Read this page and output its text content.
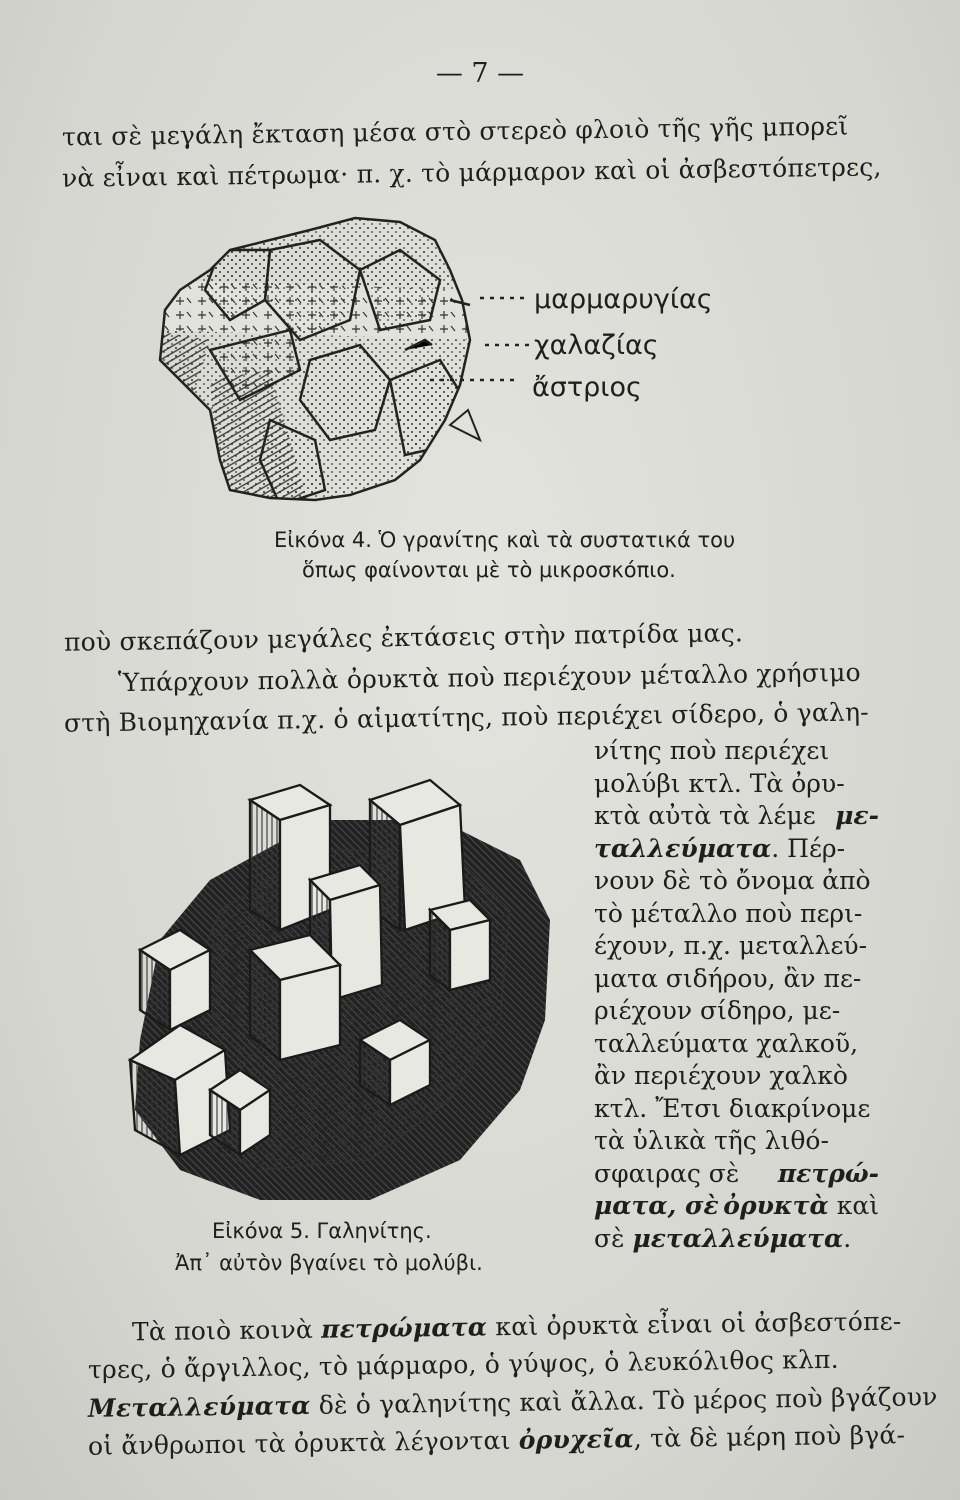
— 7 —
ται σὲ μεγάλη ἔκταση μέσα στὸ στερεὸ φλοιὸ τῆς γῆς μπορεῖ
νὰ εἶναι καὶ πέτρωμα· π. χ. τὸ μάρμαρον καὶ οἱ ἀσβεστόπετρες,
μαρμαρυγίας
χαλαζίας
ἄστριος
Εἰκόνα 4. Ὁ γρανίτης καὶ τὰ συστατικά του
ὅπως φαίνονται μὲ τὸ μικροσκόπιο.
ποὺ σκεπάζουν μεγάλες ἐκτάσεις στὴν πατρίδα μας.
Ὑπάρχουν πολλὰ ὀρυκτὰ ποὺ περιέχουν μέταλλο χρήσιμο
στὴ Βιομηχανία π.χ. ὁ αἱματίτης, ποὺ περιέχει σίδερο, ὁ γαλη-
Εἰκόνα 5. Γαληνίτης.
Ἀπ᾽ αὐτὸν βγαίνει τὸ μολύβι.
νίτης ποὺ περιέχει
μολύβι κτλ. Τὰ ὀρυ-
κτὰ αὐτὰ τὰ λέμε με-
ταλλεύματα . Πέρ-
νουν δὲ τὸ ὄνομα ἀπὸ
τὸ μέταλλο ποὺ περι-
έχουν, π.χ. μεταλλεύ-
ματα σιδήρου, ἂν πε-
ριέχουν σίδηρο, με-
ταλλεύματα χαλκοῦ,
ἂν περιέχουν χαλκὸ
κτλ. Ἔτσι διακρίνομε
τὰ ὑλικὰ τῆς λιθό-
σφαιρας σὲ πετρώ-
ματα, σὲ ὀρυκτὰ καὶ
σὲ
μεταλλεύματα .
Τὰ ποιὸ κοινὰ πετρώματα καὶ ὀρυκτὰ εἶναι οἱ ἀσβεστόπε-
τρες, ὁ ἄργιλλος, τὸ μάρμαρο, ὁ γύψος, ὁ λευκόλιθος κλπ.
Μεταλλεύματα δὲ ὁ γαληνίτης καὶ ἄλλα. Τὸ μέρος ποὺ βγάζουν
οἱ ἄνθρωποι τὰ ὀρυκτὰ λέγονται ὀρυχεῖα, τὰ δὲ μέρη ποὺ βγά-
